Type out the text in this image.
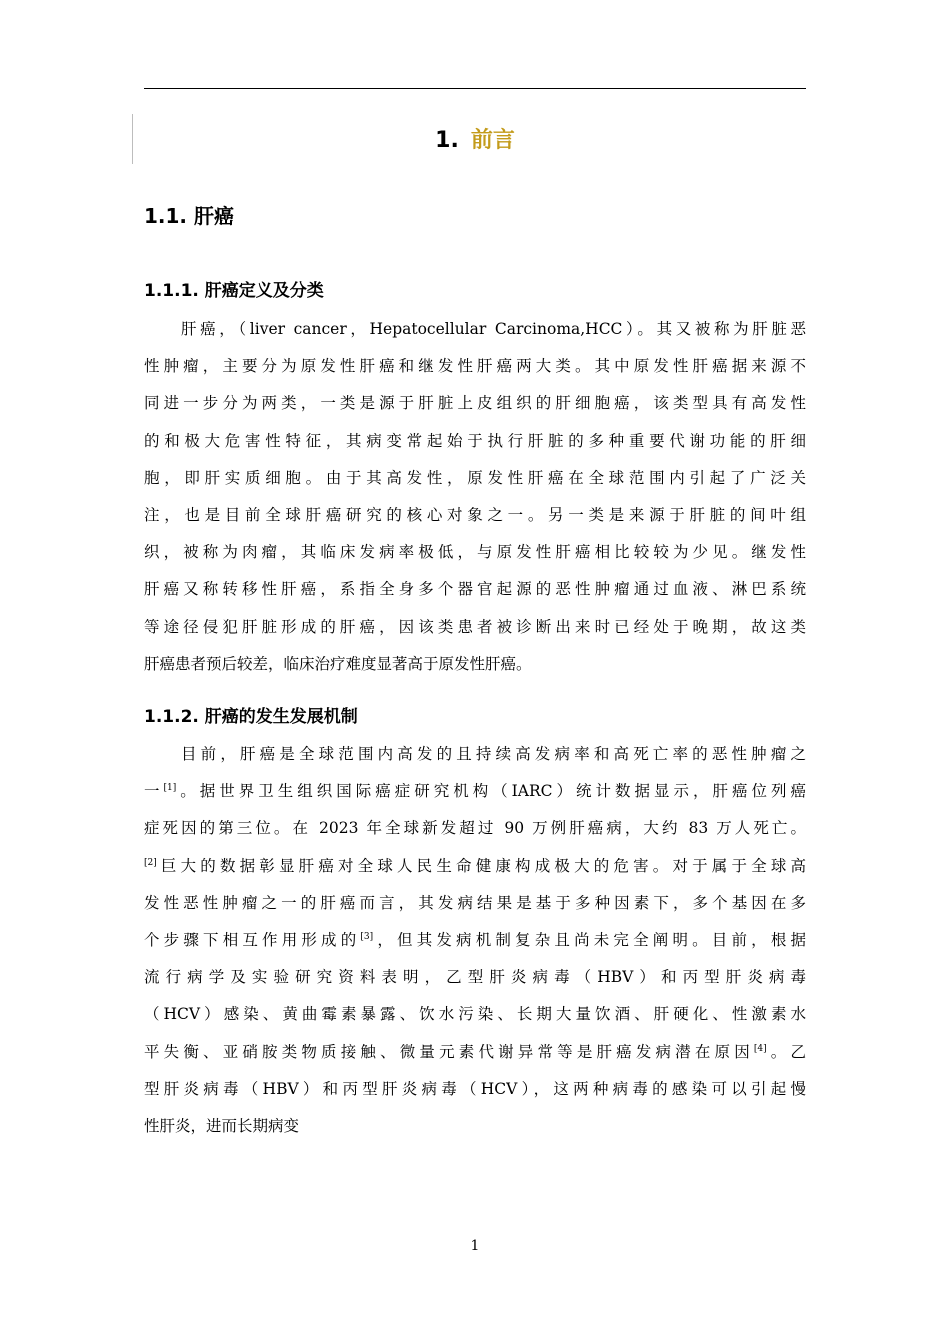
1. 前言
1.1. 肝癌
1.1.1. 肝癌定义及分类
肝癌，（liver cancer，Hepatocellular Carcinoma,HCC）。其又被称为肝脏恶
性肿瘤，主要分为原发性肝癌和继发性肝癌两大类。其中原发性肝癌据来源不
同进一步分为两类，一类是源于肝脏上皮组织的肝细胞癌，该类型具有高发性
的和极大危害性特征，其病变常起始于执行肝脏的多种重要代谢功能的肝细
胞，即肝实质细胞。由于其高发性，原发性肝癌在全球范围内引起了广泛关
注，也是目前全球肝癌研究的核心对象之一。另一类是来源于肝脏的间叶组
织，被称为肉瘤，其临床发病率极低，与原发性肝癌相比较较为少见。继发性
肝癌又称转移性肝癌，系指全身多个器官起源的恶性肿瘤通过血液、淋巴系统
等途径侵犯肝脏形成的肝癌，因该类患者被诊断出来时已经处于晚期，故这类
肝癌患者预后较差，临床治疗难度显著高于原发性肝癌。
1.1.2. 肝癌的发生发展机制
目前，肝癌是全球范围内高发的且持续高发病率和高死亡率的恶性肿瘤之
一[1]。据世界卫生组织国际癌症研究机构（IARC）统计数据显示，肝癌位列癌
症死因的第三位。在 2023 年全球新发超过 90 万例肝癌病，大约 83 万人死亡。
[2]巨大的数据彰显肝癌对全球人民生命健康构成极大的危害。对于属于全球高
发性恶性肿瘤之一的肝癌而言，其发病结果是基于多种因素下，多个基因在多
个步骤下相互作用形成的[3]，但其发病机制复杂且尚未完全阐明。目前，根据
流行病学及实验研究资料表明，乙型肝炎病毒（HBV）和丙型肝炎病毒
（HCV）感染、黄曲霉素暴露、饮水污染、长期大量饮酒、肝硬化、性激素水
平失衡、亚硝胺类物质接触、微量元素代谢异常等是肝癌发病潜在原因[4]。乙
型肝炎病毒（HBV）和丙型肝炎病毒（HCV），这两种病毒的感染可以引起慢
性肝炎，进而长期病变
1
